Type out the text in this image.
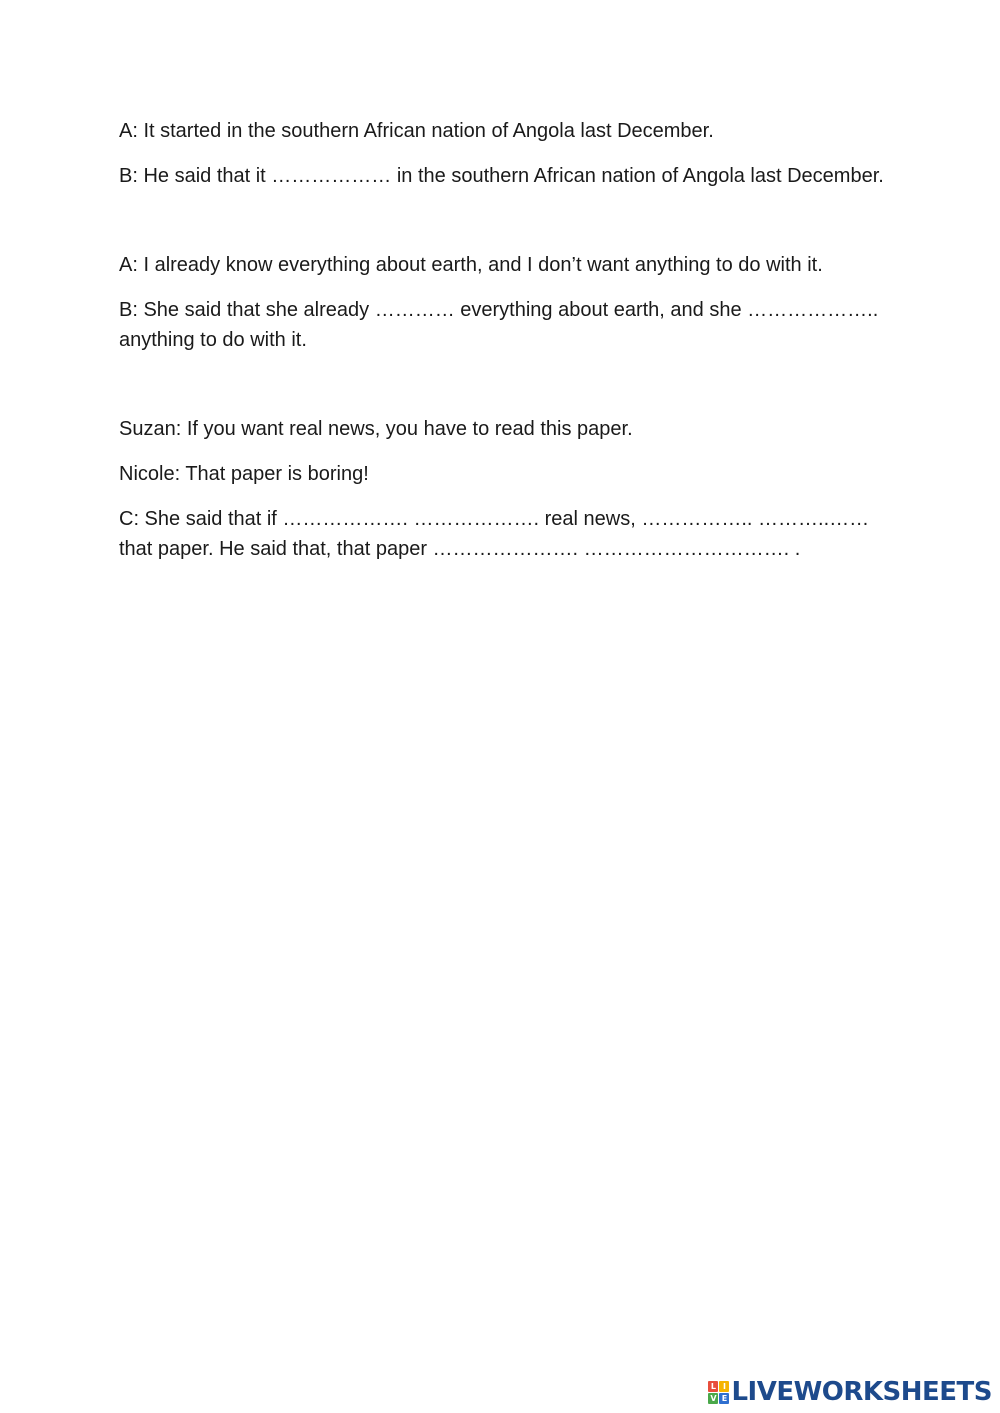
A: It started in the southern African nation of Angola last December.

B: He said that it ……………… in the southern African nation of Angola last December.

A: I already know everything about earth, and I don’t want anything to do with it.

B: She said that she already ………… everything about earth, and she ……………….. anything to do with it.

Suzan: If you want real news, you have to read this paper.

Nicole: That paper is boring!

C: She said that if ………………. ………………. real news, …………….. ………..…… that paper. He said that, that paper …………………. …………………………. .

L I
V E LIVEWORKSHEETS
